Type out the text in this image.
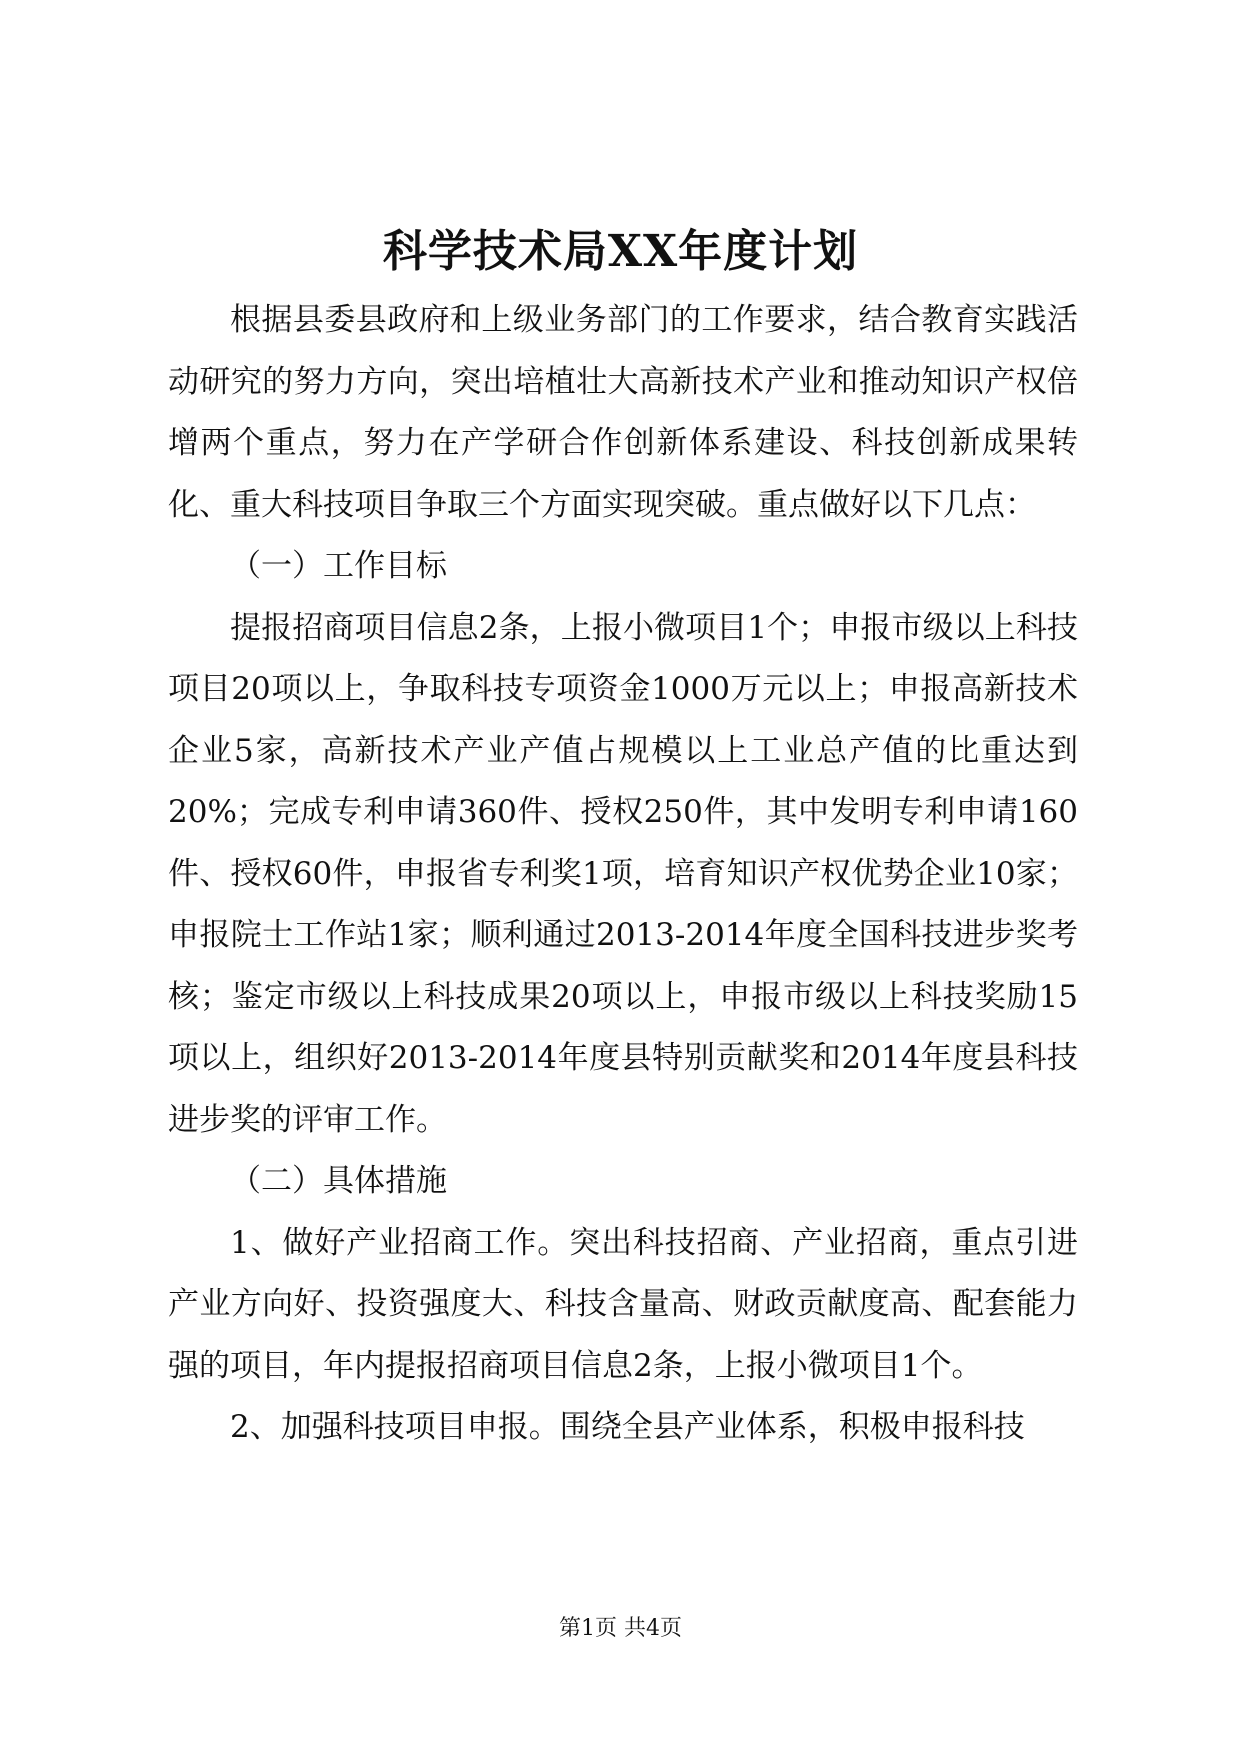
科学技术局XX年度计划

根据县委县政府和上级业务部门的工作要求，结合教育实践活动研究的努力方向，突出培植壮大高新技术产业和推动知识产权倍增两个重点，努力在产学研合作创新体系建设、科技创新成果转化、重大科技项目争取三个方面实现突破。重点做好以下几点：

（一）工作目标

提报招商项目信息2条，上报小微项目1个；申报市级以上科技项目20项以上，争取科技专项资金1000万元以上；申报高新技术企业5家，高新技术产业产值占规模以上工业总产值的比重达到20%；完成专利申请360件、授权250件，其中发明专利申请160件、授权60件，申报省专利奖1项，培育知识产权优势企业10家；申报院士工作站1家；顺利通过2013-2014年度全国科技进步奖考核；鉴定市级以上科技成果20项以上，申报市级以上科技奖励15项以上，组织好2013-2014年度县特别贡献奖和2014年度县科技进步奖的评审工作。

（二）具体措施

1、做好产业招商工作。突出科技招商、产业招商，重点引进产业方向好、投资强度大、科技含量高、财政贡献度高、配套能力强的项目，年内提报招商项目信息2条，上报小微项目1个。

2、加强科技项目申报。围绕全县产业体系，积极申报科技

第1页 共4页
